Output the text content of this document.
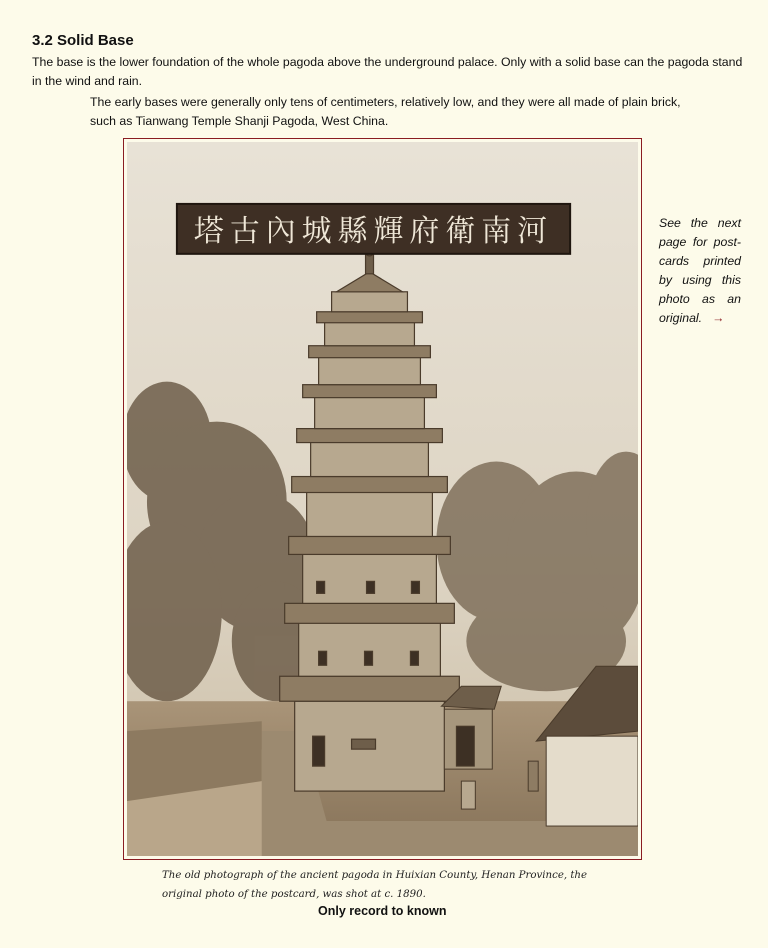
3.2 Solid Base

The base is the lower foundation of the whole pagoda above the underground palace. Only with a solid base can the pagoda stand in the wind and rain.

The early bases were generally only tens of centimeters, relatively low, and they were all made of plain brick, such as Tianwang Temple Shanji Pagoda, West China.

塔古內城縣輝府衛南河	See the next page for post-cards printed by using this photo as an original. →

The old photograph of the ancient pagoda in Huixian County, Henan Province, the original photo of the postcard, was shot at c. 1890.

Only record to known
